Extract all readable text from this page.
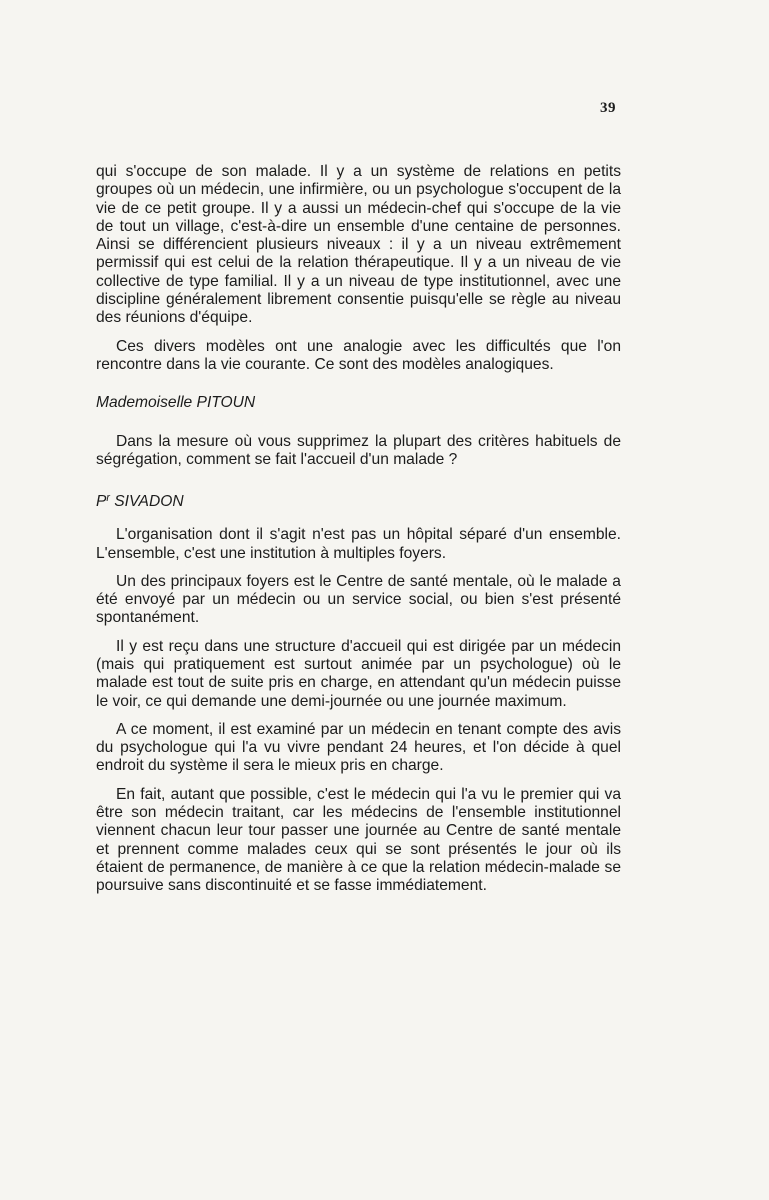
39

qui s'occupe de son malade. Il y a un système de relations en petits groupes où un médecin, une infirmière, ou un psychologue s'occupent de la vie de ce petit groupe. Il y a aussi un médecin-chef qui s'occupe de la vie de tout un village, c'est-à-dire un ensemble d'une centaine de personnes. Ainsi se différencient plusieurs niveaux : il y a un niveau extrêmement permissif qui est celui de la relation thérapeutique. Il y a un niveau de vie collective de type familial. Il y a un niveau de type institutionnel, avec une discipline généralement librement consentie puisqu'elle se règle au niveau des réunions d'équipe.

Ces divers modèles ont une analogie avec les difficultés que l'on rencontre dans la vie courante. Ce sont des modèles analogiques.

Mademoiselle PITOUN

Dans la mesure où vous supprimez la plupart des critères habituels de ségrégation, comment se fait l'accueil d'un malade ?

$P^r$ SIVADON

L'organisation dont il s'agit n'est pas un hôpital séparé d'un ensemble. L'ensemble, c'est une institution à multiples foyers.

Un des principaux foyers est le Centre de santé mentale, où le malade a été envoyé par un médecin ou un service social, ou bien s'est présenté spontanément.

Il y est reçu dans une structure d'accueil qui est dirigée par un médecin (mais qui pratiquement est surtout animée par un psychologue) où le malade est tout de suite pris en charge, en attendant qu'un médecin puisse le voir, ce qui demande une demi-journée ou une journée maximum.

A ce moment, il est examiné par un médecin en tenant compte des avis du psychologue qui l'a vu vivre pendant 24 heures, et l'on décide à quel endroit du système il sera le mieux pris en charge.

En fait, autant que possible, c'est le médecin qui l'a vu le premier qui va être son médecin traitant, car les médecins de l'ensemble institutionnel viennent chacun leur tour passer une journée au Centre de santé mentale et prennent comme malades ceux qui se sont présentés le jour où ils étaient de permanence, de manière à ce que la relation médecin-malade se poursuive sans discontinuité et se fasse immédiatement.
